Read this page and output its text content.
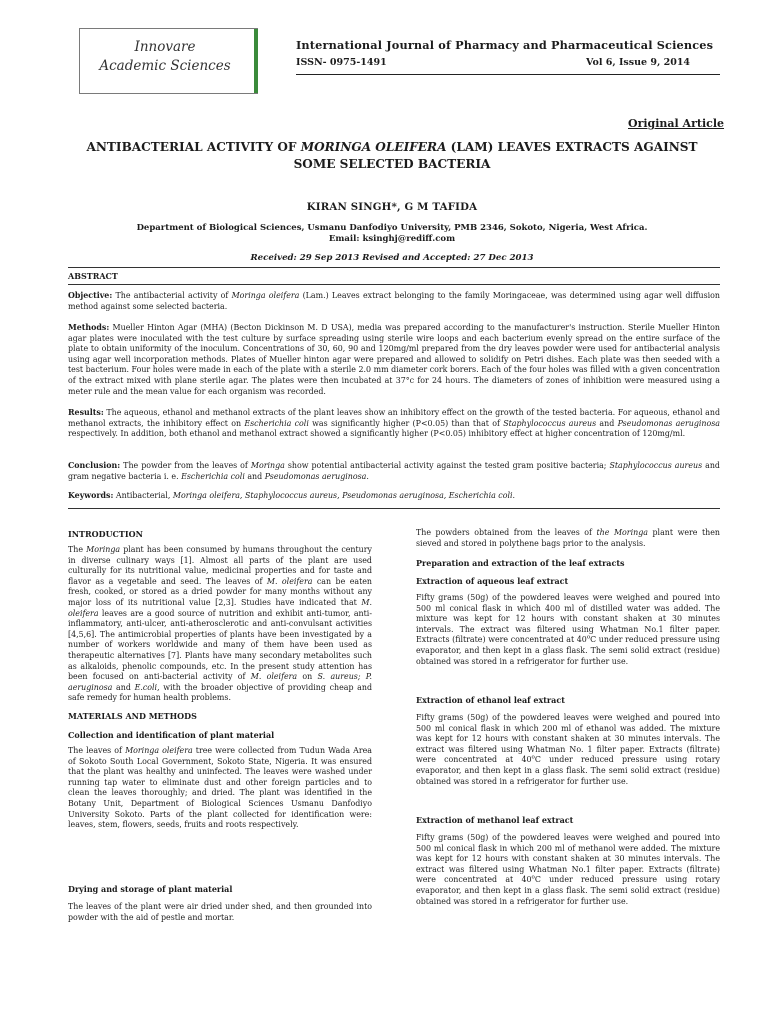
Innovare
Academic Sciences
International Journal of Pharmacy and Pharmaceutical Sciences
ISSN- 0975-1491	Vol 6, Issue 9, 2014
Original Article
ANTIBACTERIAL ACTIVITY OF MORINGA OLEIFERA (LAM) LEAVES EXTRACTS AGAINST
SOME SELECTED BACTERIA
KIRAN SINGH*, G M TAFIDA
Department of Biological Sciences, Usmanu Danfodiyo University, PMB 2346, Sokoto, Nigeria, West Africa.
Email: ksinghj@rediff.com
Received: 29 Sep 2013 Revised and Accepted: 27 Dec 2013
ABSTRACT

Objective: The antibacterial activity of Moringa oleifera (Lam.) Leaves extract belonging to the family Moringaceae, was determined using agar well diffusion method against some selected bacteria.

Methods: Mueller Hinton Agar (MHA) (Becton Dickinson M. D USA), media was prepared according to the manufacturer's instruction. Sterile Mueller Hinton agar plates were inoculated with the test culture by surface spreading using sterile wire loops and each bacterium evenly spread on the entire surface of the plate to obtain uniformity of the inoculum. Concentrations of 30, 60, 90 and 120mg/ml prepared from the dry leaves powder were used for antibacterial analysis using agar well incorporation methods. Plates of Mueller hinton agar were prepared and allowed to solidify on Petri dishes. Each plate was then seeded with a test bacterium. Four holes were made in each of the plate with a sterile 2.0 mm diameter cork borers. Each of the four holes was filled with a given concentration of the extract mixed with plane sterile agar. The plates were then incubated at 37°c for 24 hours. The diameters of zones of inhibition were measured using a meter rule and the mean value for each organism was recorded.

Results: The aqueous, ethanol and methanol extracts of the plant leaves show an inhibitory effect on the growth of the tested bacteria. For aqueous, ethanol and methanol extracts, the inhibitory effect on Escherichia coli was significantly higher (P<0.05) than that of Staphylococcus aureus and Pseudomonas aeruginosa respectively. In addition, both ethanol and methanol extract showed a significantly higher (P<0.05) inhibitory effect at higher concentration of 120mg/ml.

Conclusion: The powder from the leaves of Moringa show potential antibacterial activity against the tested gram positive bacteria; Staphylococcus aureus and gram negative bacteria i. e. Escherichia coli and Pseudomonas aeruginosa.

Keywords: Antibacterial, Moringa oleifera, Staphylococcus aureus, Pseudomonas aeruginosa, Escherichia coli.

INTRODUCTION

The Moringa plant has been consumed by humans throughout the century in diverse culinary ways [1]. Almost all parts of the plant are used culturally for its nutritional value, medicinal properties and for taste and flavor as a vegetable and seed. The leaves of M. oleifera can be eaten fresh, cooked, or stored as a dried powder for many months without any major loss of its nutritional value [2,3]. Studies have indicated that M. oleifera leaves are a good source of nutrition and exhibit anti-tumor, anti-inflammatory, anti-ulcer, anti-atherosclerotic and anti-convulsant activities [4,5,6]. The antimicrobial properties of plants have been investigated by a number of workers worldwide and many of them have been used as therapeutic alternatives [7]. Plants have many secondary metabolites such as alkaloids, phenolic compounds, etc. In the present study attention has been focused on anti-bacterial activity of M. oleifera on S. aureus; P. aeruginosa and E.coli, with the broader objective of providing cheap and safe remedy for human health problems.

MATERIALS AND METHODS
Collection and identification of plant material

The leaves of Moringa oleifera tree were collected from Tudun Wada Area of Sokoto South Local Government, Sokoto State, Nigeria. It was ensured that the plant was healthy and uninfected. The leaves were washed under running tap water to eliminate dust and other foreign particles and to clean the leaves thoroughly; and dried. The plant was identified in the Botany Unit, Department of Biological Sciences Usmanu Danfodiyo University Sokoto. Parts of the plant collected for identification were: leaves, stem, flowers, seeds, fruits and roots respectively.

Drying and storage of plant material

The leaves of the plant were air dried under shed, and then grounded into powder with the aid of pestle and mortar.

The powders obtained from the leaves of the Moringa plant were then sieved and stored in polythene bags prior to the analysis.

Preparation and extraction of the leaf extracts
Extraction of aqueous leaf extract

Fifty grams (50g) of the powdered leaves were weighed and poured into 500 ml conical flask in which 400 ml of distilled water was added. The mixture was kept for 12 hours with constant shaken at 30 minutes intervals. The extract was filtered using Whatman No.1 filter paper. Extracts (filtrate) were concentrated at 40$^o$C under reduced pressure using evaporator, and then kept in a glass flask. The semi solid extract (residue) obtained was stored in a refrigerator for further use.

Extraction of ethanol leaf extract

Fifty grams (50g) of the powdered leaves were weighed and poured into 500 ml conical flask in which 200 ml of ethanol was added. The mixture was kept for 12 hours with constant shaken at 30 minutes intervals. The extract was filtered using Whatman No. 1 filter paper. Extracts (filtrate) were concentrated at 40$^o$C under reduced pressure using rotary evaporator, and then kept in a glass flask. The semi solid extract (residue) obtained was stored in a refrigerator for further use.

Extraction of methanol leaf extract

Fifty grams (50g) of the powdered leaves were weighed and poured into 500 ml conical flask in which 200 ml of methanol were added. The mixture was kept for 12 hours with constant shaken at 30 minutes intervals. The extract was filtered using Whatman No.1 filter paper. Extracts (filtrate) were concentrated at 40$^o$C under reduced pressure using rotary evaporator, and then kept in a glass flask. The semi solid extract (residue) obtained was stored in a refrigerator for further use.
